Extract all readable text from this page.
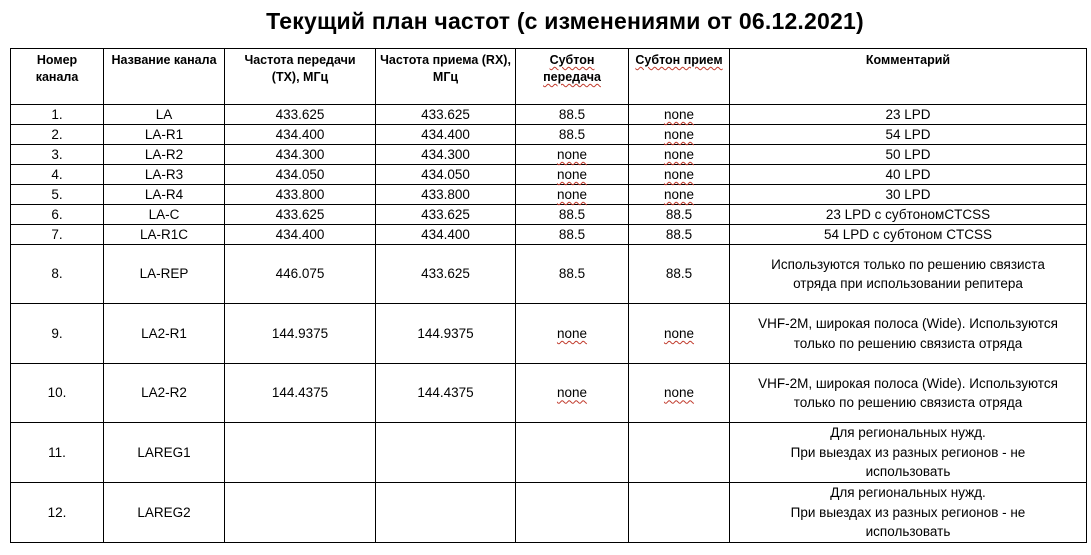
Текущий план частот (с изменениями от 06.12.2021)
Номер канала	Название канала	Частота передачи (TX), МГц	Частота приема (RX), МГц	Субтон передача	Субтон прием	Комментарий
1.	LA	433.625	433.625	88.5	none	23 LPD
2.	LA-R1	434.400	434.400	88.5	none	54 LPD
3.	LA-R2	434.300	434.300	none	none	50 LPD
4.	LA-R3	434.050	434.050	none	none	40 LPD
5.	LA-R4	433.800	433.800	none	none	30 LPD
6.	LA-C	433.625	433.625	88.5	88.5	23 LPD с субтономCTCSS
7.	LA-R1C	434.400	434.400	88.5	88.5	54 LPD с субтоном CTCSS
8.	LA-REP	446.075	433.625	88.5	88.5	Используются только по решению связиста
отряда при использовании репитера
9.	LA2-R1	144.9375	144.9375	none	none	VHF-2M, широкая полоса (Wide). Используются
только по решению связиста отряда
10.	LA2-R2	144.4375	144.4375	none	none	VHF-2M, широкая полоса (Wide). Используются
только по решению связиста отряда
11.	LAREG1					Для региональных нужд.
При выездах из разных регионов - не
использовать
12.	LAREG2					Для региональных нужд.
При выездах из разных регионов - не
использовать
